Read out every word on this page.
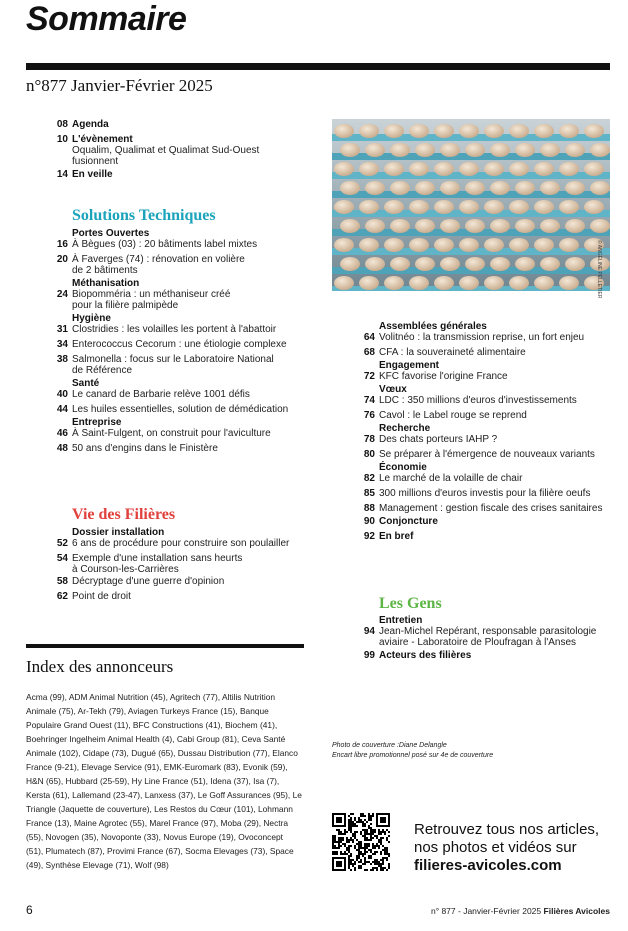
Sommaire
n°877 Janvier-Février 2025
08 Agenda
10 L'évènement
Oqualim, Qualimat et Qualimat Sud-Ouest
fusionnent
14 En veille
Solutions Techniques
Portes Ouvertes
16 À Bègues (03) : 20 bâtiments label mixtes
20 À Faverges (74) : rénovation en volière
de 2 bâtiments
Méthanisation
24 Biopomméria : un méthaniseur créé
pour la filière palmipède
Hygiène
31 Clostridies : les volailles les portent à l'abattoir
34 Enterococcus Cecorum : une étiologie complexe
38 Salmonella : focus sur le Laboratoire National
de Référence
Santé
40 Le canard de Barbarie relève 1001 défis
44 Les huiles essentielles, solution de démédication
Entreprise
46 À Saint-Fulgent, on construit pour l'aviculture
48 50 ans d'engins dans le Finistère
Vie des Filières
Dossier installation
52 6 ans de procédure pour construire son poulailler
54 Exemple d'une installation sans heurts
à Courson-les-Carrières
58 Décryptage d'une guerre d'opinion
62 Point de droit
Assemblées générales
64 Volitnéo : la transmission reprise, un fort enjeu
68 CFA : la souveraineté alimentaire
Engagement
72 KFC favorise l'origine France
Vœux
74 LDC : 350 millions d'euros d'investissements
76 Cavol : le Label rouge se reprend
Recherche
78 Des chats porteurs IAHP ?
80 Se préparer à l'émergence de nouveaux variants
Économie
82 Le marché de la volaille de chair
85 300 millions d'euros investis pour la filière oeufs
88 Management : gestion fiscale des crises sanitaires
90 Conjoncture
92 En bref
Les Gens
Entretien
94 Jean-Michel Repérant, responsable parasitologie
aviaire - Laboratoire de Ploufragan à l'Anses
99 Acteurs des filières
© ANGÈLINE PELLETIER
Index des annonceurs
Acma (99), ADM Animal Nutrition (45), Agritech (77), Altilis Nutrition Animale (75), Ar-Tekh (79), Aviagen Turkeys France (15), Banque Populaire Grand Ouest (11), BFC Constructions (41), Biochem (41), Boehringer Ingelheim Animal Health (4), Cabi Group (81), Ceva Santé Animale (102), Cidape (73), Dugué (65), Dussau Distribution (77), Elanco France (9-21), Elevage Service (91), EMK-Euromark (83), Evonik (59), H&N (65), Hubbard (25-59), Hy Line France (51), Idena (37), Isa (7), Kersta (61), Lallemand (23-47), Lanxess (37), Le Goff Assurances (95), Le Triangle (Jaquette de couverture), Les Restos du Cœur (101), Lohmann France (13), Maine Agrotec (55), Marel France (97), Moba (29), Nectra (55), Novogen (35), Novoponte (33), Novus Europe (19), Ovoconcept (51), Plumatech (87), Provimi France (67), Socma Elevages (73), Space (49), Synthèse Elevage (71), Wolf (98)
Photo de couverture :Diane Delangle
Encart libre promotionnel posé sur 4e de couverture
Retrouvez tous nos articles,
nos photos et vidéos sur
filieres-avicoles.com
6	n° 877 - Janvier-Février 2025 Filières Avicoles
